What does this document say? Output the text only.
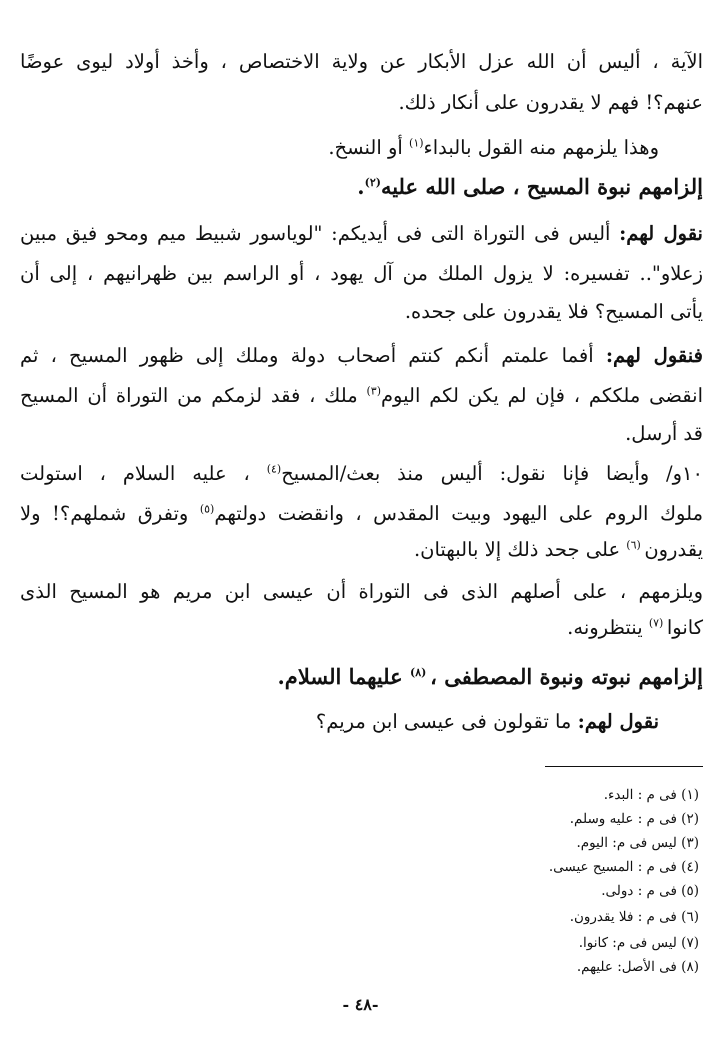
الآية ، أليس أن الله عزل الأبكار عن ولاية الاختصاص ، وأخذ أولاد ليوى عوضًا
عنهم؟! فهم لا يقدرون على أنكار ذلك.
وهذا يلزمهم منه القول بالبداء$^{(١)}$ أو النسخ.
إلزامهم نبوة المسيح ، صلى الله عليه$^{(٢)}$.
نقول لهم: أليس فى التوراة التى فى أيديكم: "لوياسور شبيط ميم ومحو فيق مبين
زعلاو".. تفسيره: لا يزول الملك من آل يهود ، أو الراسم بين ظهرانيهم ، إلى أن
يأتى المسيح؟ فلا يقدرون على جحده.
فنقول لهم: أفما علمتم أنكم كنتم أصحاب دولة وملك إلى ظهور المسيح ، ثم
انقضى ملككم ، فإن لم يكن لكم اليوم$^{(٣)}$ ملك ، فقد لزمكم من التوراة أن المسيح
قد أرسل.
١٠و/ وأيضا فإنا نقول: أليس منذ بعث/المسيح$^{(٤)}$ ، عليه السلام ، استولت
ملوك الروم على اليهود وبيت المقدس ، وانقضت دولتهم$^{(٥)}$ وتفرق شملهم؟! ولا
يقدرون $^{(٦)}$ على جحد ذلك إلا بالبهتان.
ويلزمهم ، على أصلهم الذى فى التوراة أن عيسى ابن مريم هو المسيح الذى
كانوا $^{(٧)}$ ينتظرونه.
إلزامهم نبوته ونبوة المصطفى ، $^{(٨)}$ عليهما السلام.
نقول لهم: ما تقولون فى عيسى ابن مريم؟
(١) فى م : البدء.
(٢) فى م : عليه وسلم.
(٣) ليس فى م: اليوم.
(٤) فى م : المسيح عيسى.
(٥) فى م : دولى.
(٦) فى م : فلا يقدرون.
(٧) ليس فى م: كانوا.
(٨) فى الأصل: عليهم.
-٤٨ -
